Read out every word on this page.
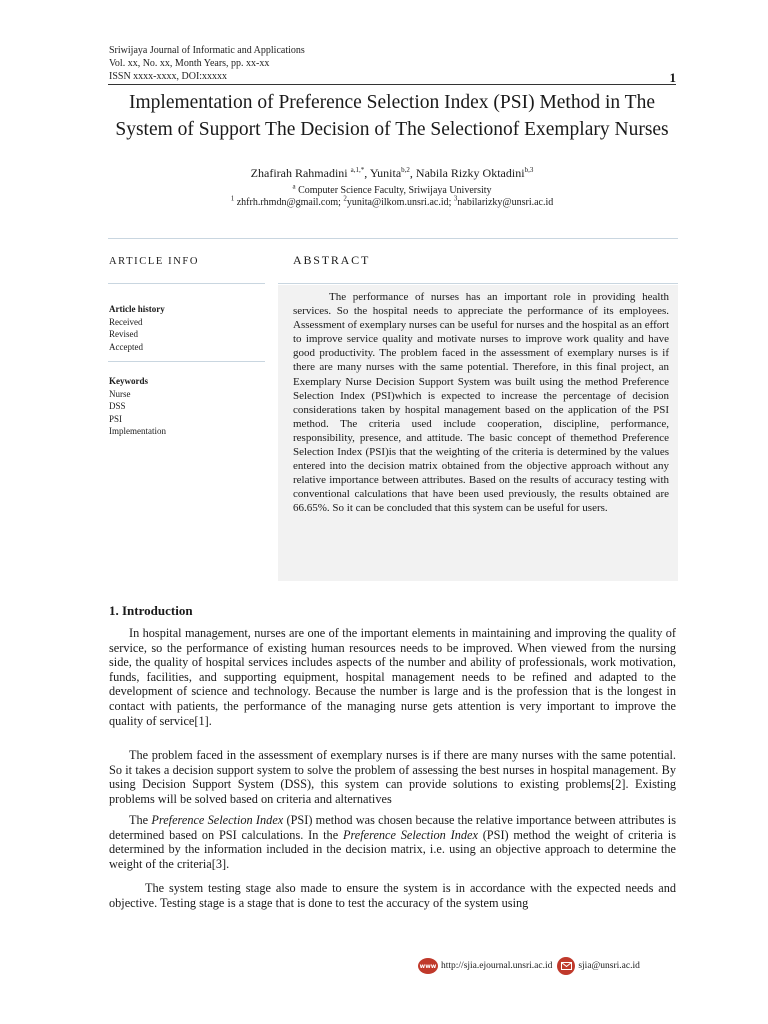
Sriwijaya Journal of Informatic and Applications
Vol. xx, No. xx, Month Years, pp. xx-xx
ISSN xxxx-xxxx, DOI:xxxxx	1
Implementation of Preference Selection Index (PSI) Method in The System of Support The Decision of The Selectionof Exemplary Nurses
Zhafirah Rahmadini $^{a,1,*}$, Yunita$^{b,2}$, Nabila Rizky Oktadini$^{b,3}$
$^a$ Computer Science Faculty, Sriwijaya University
$^1$ zhfrh.rhmdn@gmail.com; $^2$yunita@ilkom.unsri.ac.id; $^3$nabilarizky@unsri.ac.id
ARTICLE INFO	ABSTRACT
Article history
Received
Revised
Accepted
Keywords
Nurse
DSS
PSI
Implementation
The performance of nurses has an important role in providing health services. So the hospital needs to appreciate the performance of its employees. Assessment of exemplary nurses can be useful for nurses and the hospital as an effort to improve service quality and motivate nurses to improve work quality and have good productivity. The problem faced in the assessment of exemplary nurses is if there are many nurses with the same potential. Therefore, in this final project, an Exemplary Nurse Decision Support System was built using the method Preference Selection Index (PSI)which is expected to increase the percentage of decision considerations taken by hospital management based on the application of the PSI method. The criteria used include cooperation, discipline, performance, responsibility, presence, and attitude. The basic concept of themethod Preference Selection Index (PSI)is that the weighting of the criteria is determined by the values entered into the decision matrix obtained from the objective approach without any relative importance between attributes. Based on the results of accuracy testing with conventional calculations that have been used previously, the results obtained are 66.65%. So it can be concluded that this system can be useful for users.
1. Introduction
In hospital management, nurses are one of the important elements in maintaining and improving the quality of service, so the performance of existing human resources needs to be improved. When viewed from the nursing side, the quality of hospital services includes aspects of the number and ability of professionals, work motivation, funds, facilities, and supporting equipment, hospital management needs to be refined and adapted to the development of science and technology. Because the number is large and is the profession that is the longest in contact with patients, the performance of the managing nurse gets attention is very important to improve the quality of service[1].
The problem faced in the assessment of exemplary nurses is if there are many nurses with the same potential. So it takes a decision support system to solve the problem of assessing the best nurses in hospital management. By using Decision Support System (DSS), this system can provide solutions to existing problems[2]. Existing problems will be solved based on criteria and alternatives
The Preference Selection Index (PSI) method was chosen because the relative importance between attributes is determined based on PSI calculations. In the Preference Selection Index (PSI) method the weight of criteria is determined by the information included in the decision matrix, i.e. using an objective approach to determine the weight of the criteria[3].
The system testing stage also made to ensure the system is in accordance with the expected needs and objective. Testing stage is a stage that is done to test the accuracy of the system using
www http://sjia.ejournal.unsri.ac.id	sjia@unsri.ac.id
